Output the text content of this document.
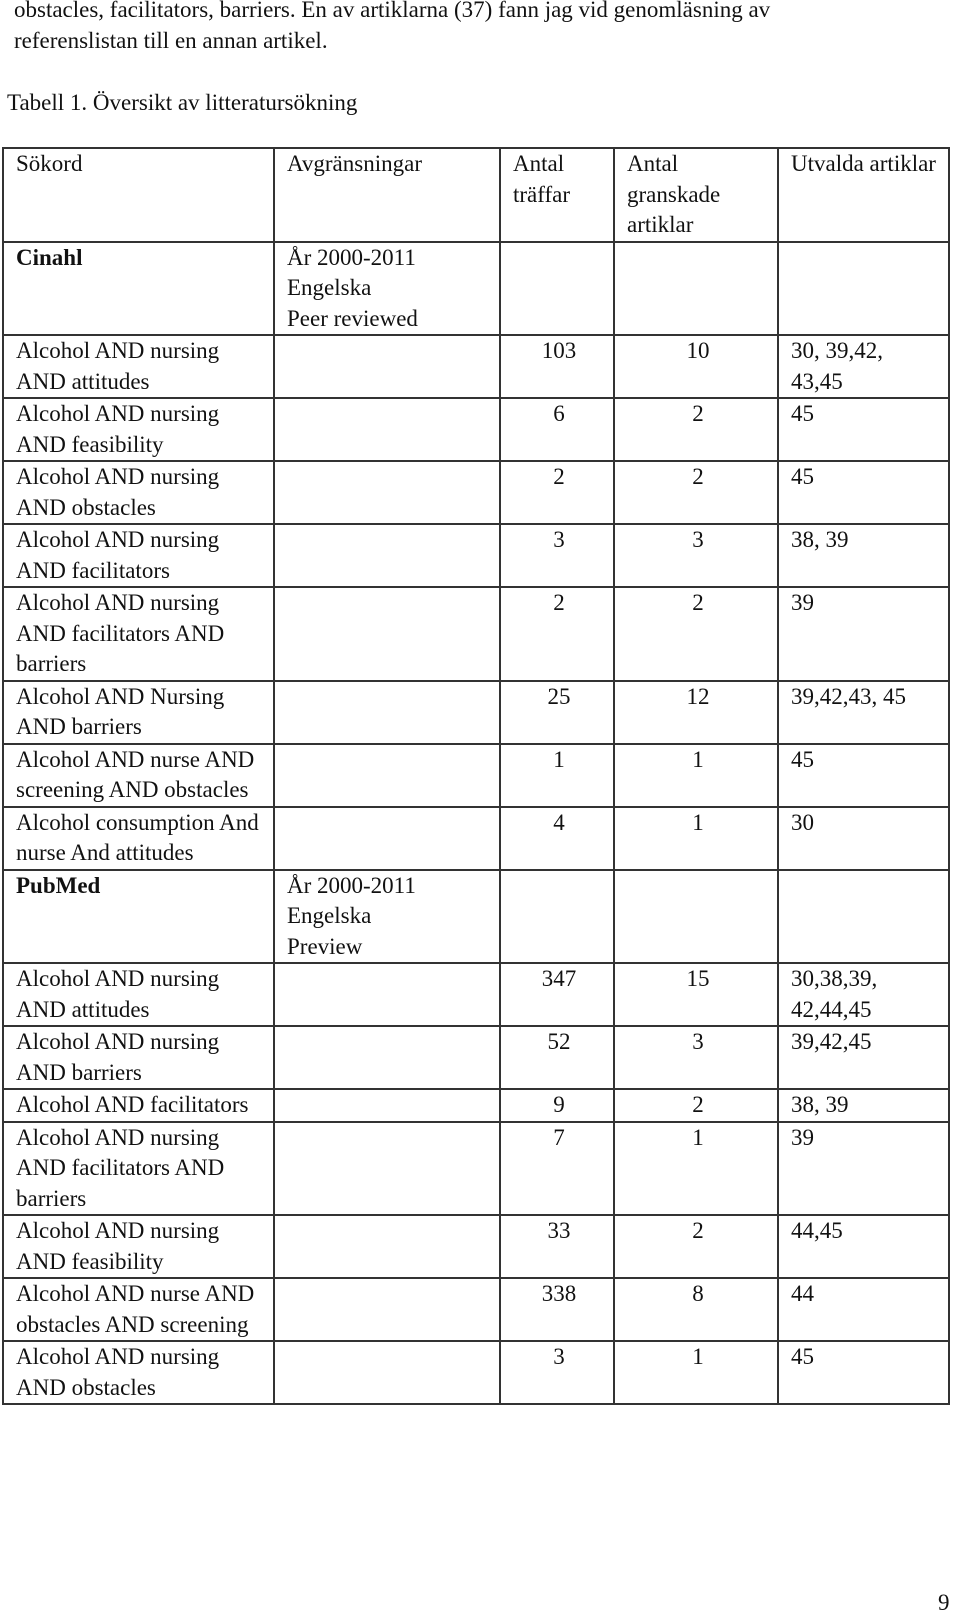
obstacles, facilitators, barriers. En av artiklarna (37) fann jag vid genomläsning av

referenslistan till en annan artikel.

Tabell 1. Översikt av litteratursökning
Sökord	Avgränsningar	Antal träffar	Antal granskade artiklar	Utvalda artiklar
Cinahl	År 2000-2011
Engelska
Peer reviewed			

Alcohol AND nursing AND attitudes		103	10	30, 39,42, 43,45
Alcohol AND nursing AND feasibility		6	2	45
Alcohol AND nursing AND obstacles		2	2	45
Alcohol AND nursing AND facilitators		3	3	38, 39
Alcohol AND nursing AND facilitators AND barriers		2	2	39
Alcohol AND Nursing AND barriers		25	12	39,42,43, 45
Alcohol AND nurse AND screening AND obstacles		1	1	45
Alcohol consumption And nurse And attitudes		4	1	30
PubMed	År 2000-2011
Engelska
Preview			

Alcohol AND nursing AND attitudes		347	15	30,38,39, 42,44,45
Alcohol AND nursing AND barriers		52	3	39,42,45
Alcohol AND facilitators		9	2	38, 39
Alcohol AND nursing AND facilitators AND barriers		7	1	39
Alcohol AND nursing AND feasibility		33	2	44,45
Alcohol AND nurse AND obstacles AND screening		338	8	44
Alcohol AND nursing AND obstacles		3	1	45
9
